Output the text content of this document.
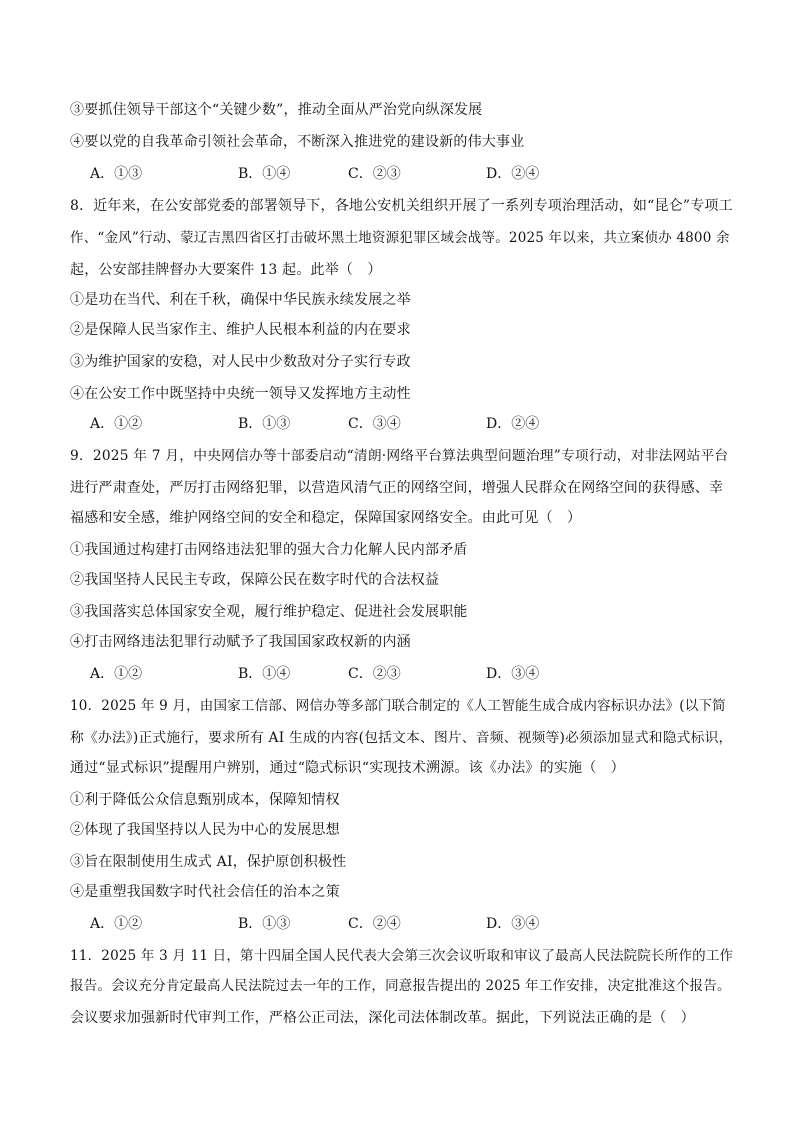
③要抓住领导干部这个“关键少数”，推动全面从严治党向纵深发展
④要以党的自我革命引领社会革命，不断深入推进党的建设新的伟大事业
A．①③	B．①④	C．②③	D．②④
8．近年来，在公安部党委的部署领导下，各地公安机关组织开展了一系列专项治理活动，如“昆仑”专项工
作、“金风”行动、蒙辽吉黑四省区打击破坏黑土地资源犯罪区域会战等。2025 年以来，共立案侦办 4800 余
起，公安部挂牌督办大要案件 13 起。此举（　）
①是功在当代、利在千秋，确保中华民族永续发展之举
②是保障人民当家作主、维护人民根本利益的内在要求
③为维护国家的安稳，对人民中少数敌对分子实行专政
④在公安工作中既坚持中央统一领导又发挥地方主动性
A．①②	B．①③	C．③④	D．②④
9．2025 年 7 月，中央网信办等十部委启动“清朗·网络平台算法典型问题治理”专项行动，对非法网站平台
进行严肃查处，严厉打击网络犯罪，以营造风清气正的网络空间，增强人民群众在网络空间的获得感、幸
福感和安全感，维护网络空间的安全和稳定，保障国家网络安全。由此可见（　）
①我国通过构建打击网络违法犯罪的强大合力化解人民内部矛盾
②我国坚持人民民主专政，保障公民在数字时代的合法权益
③我国落实总体国家安全观，履行维护稳定、促进社会发展职能
④打击网络违法犯罪行动赋予了我国国家政权新的内涵
A．①②	B．①④	C．②③	D．③④
10．2025 年 9 月，由国家工信部、网信办等多部门联合制定的《人工智能生成合成内容标识办法》(以下简
称《办法》)正式施行，要求所有 AI 生成的内容(包括文本、图片、音频、视频等)必须添加显式和隐式标识，
通过“显式标识”提醒用户辨别，通过“隐式标识“实现技术溯源。该《办法》的实施（　）
①利于降低公众信息甄别成本，保障知情权
②体现了我国坚持以人民为中心的发展思想
③旨在限制使用生成式 AI，保护原创积极性
④是重塑我国数字时代社会信任的治本之策
A．①②	B．①③	C．②④	D．③④
11．2025 年 3 月 11 日，第十四届全国人民代表大会第三次会议听取和审议了最高人民法院院长所作的工作
报告。会议充分肯定最高人民法院过去一年的工作，同意报告提出的 2025 年工作安排，决定批准这个报告。
会议要求加强新时代审判工作，严格公正司法，深化司法体制改革。据此，下列说法正确的是（　）
